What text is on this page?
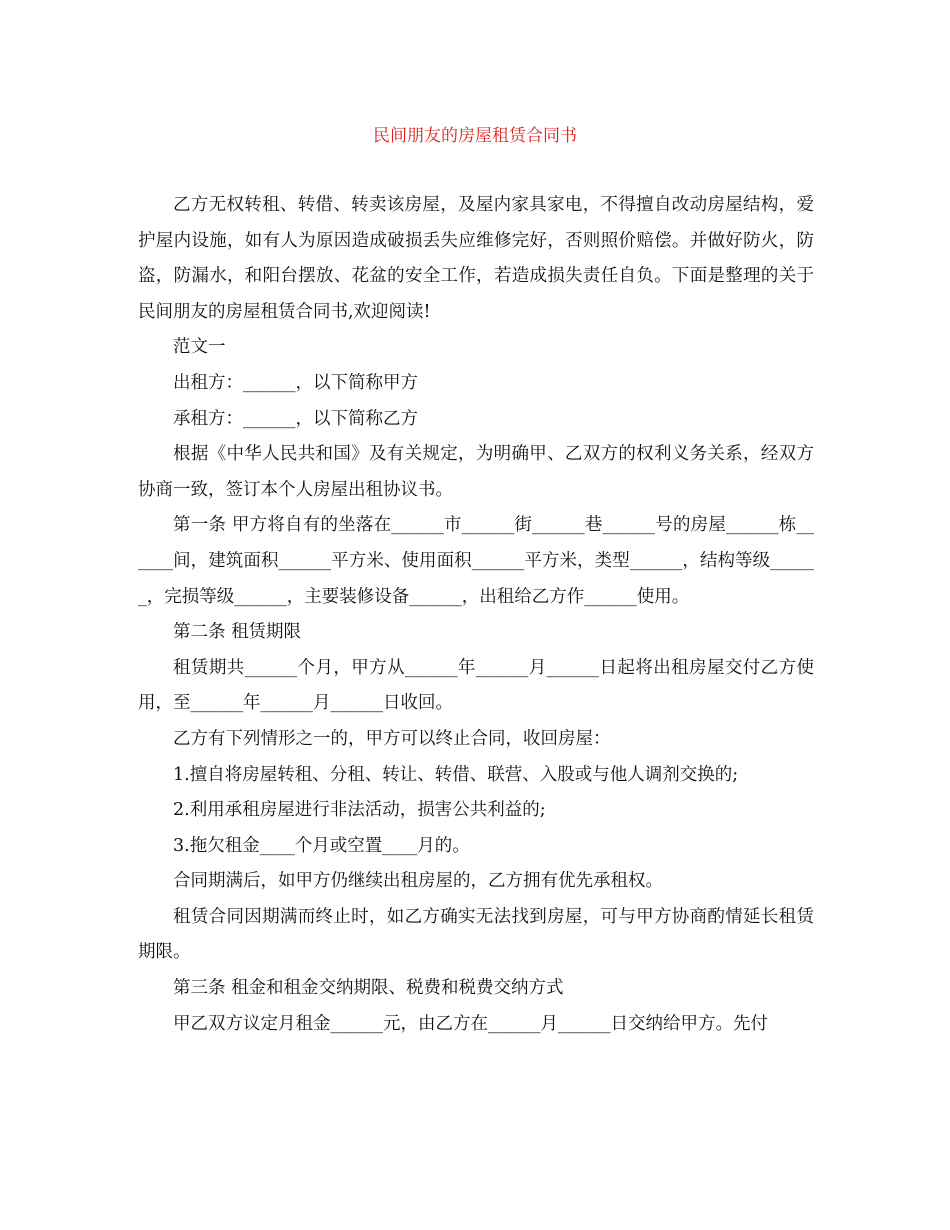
民间朋友的房屋租赁合同书

乙方无权转租、转借、转卖该房屋，及屋内家具家电，不得擅自改动房屋结构，爱护屋内设施，如有人为原因造成破损丢失应维修完好，否则照价赔偿。并做好防火，防盗，防漏水，和阳台摆放、花盆的安全工作，若造成损失责任自负。下面是整理的关于民间朋友的房屋租赁合同书,欢迎阅读!

范文一

出租方：______，以下简称甲方

承租方：______，以下简称乙方

根据《中华人民共和国》及有关规定，为明确甲、乙双方的权利义务关系，经双方协商一致，签订本个人房屋出租协议书。

第一条 甲方将自有的坐落在______市______街______巷______号的房屋______栋______间，建筑面积______平方米、使用面积______平方米，类型______，结构等级______，完损等级______，主要装修设备______，出租给乙方作______使用。

第二条 租赁期限

租赁期共______个月，甲方从______年______月______日起将出租房屋交付乙方使用，至______年______月______日收回。

乙方有下列情形之一的，甲方可以终止合同，收回房屋：

1.擅自将房屋转租、分租、转让、转借、联营、入股或与他人调剂交换的;

2.利用承租房屋进行非法活动，损害公共利益的;

3.拖欠租金____个月或空置____月的。

合同期满后，如甲方仍继续出租房屋的，乙方拥有优先承租权。

租赁合同因期满而终止时，如乙方确实无法找到房屋，可与甲方协商酌情延长租赁期限。

第三条 租金和租金交纳期限、税费和税费交纳方式

甲乙双方议定月租金______元，由乙方在______月______日交纳给甲方。先付
